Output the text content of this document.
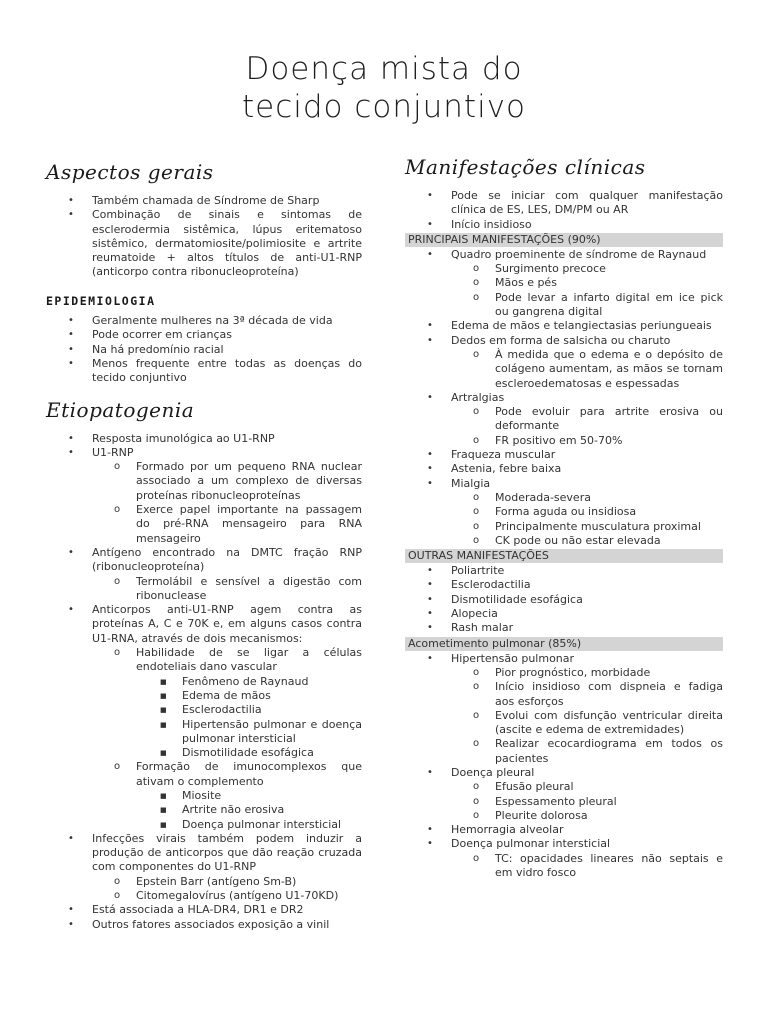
Doença mista do
tecido conjuntivo
Aspectos gerais
• Também chamada de Síndrome de Sharp
• Combinação de sinais e sintomas de esclerodermia sistêmica, lúpus eritematoso sistêmico, dermatomiosite/polimiosite e artrite reumatoide + altos títulos de anti-U1-RNP (anticorpo contra ribonucleoproteína)
EPIDEMIOLOGIA
• Geralmente mulheres na 3ª década de vida
• Pode ocorrer em crianças
• Na há predomínio racial
• Menos frequente entre todas as doenças do tecido conjuntivo
Etiopatogenia
• Resposta imunológica ao U1-RNP
• U1-RNP
o Formado por um pequeno RNA nuclear associado a um complexo de diversas proteínas ribonucleoproteínas
o Exerce papel importante na passagem do pré-RNA mensageiro para RNA mensageiro
• Antígeno encontrado na DMTC fração RNP (ribonucleoproteína)
o Termolábil e sensível a digestão com ribonuclease
• Anticorpos anti-U1-RNP agem contra as proteínas A, C e 70K e, em alguns casos contra U1-RNA, através de dois mecanismos:
o Habilidade de se ligar a células endoteliais dano vascular
■ Fenômeno de Raynaud
■ Edema de mãos
■ Esclerodactilia
■ Hipertensão pulmonar e doença pulmonar intersticial
■ Dismotilidade esofágica
o Formação de imunocomplexos que ativam o complemento
■ Miosite
■ Artrite não erosiva
■ Doença pulmonar intersticial
• Infecções virais também podem induzir a produção de anticorpos que dão reação cruzada com componentes do U1-RNP
o Epstein Barr (antígeno Sm-B)
o Citomegalovírus (antígeno U1-70KD)
• Está associada a HLA-DR4, DR1 e DR2
• Outros fatores associados exposição a vinil
Manifestações clínicas
• Pode se iniciar com qualquer manifestação clínica de ES, LES, DM/PM ou AR
• Início insidioso
PRINCIPAIS MANIFESTAÇÕES (90%)
• Quadro proeminente de síndrome de Raynaud
o Surgimento precoce
o Mãos e pés
o Pode levar a infarto digital em ice pick ou gangrena digital
• Edema de mãos e telangiectasias periungueais
• Dedos em forma de salsicha ou charuto
o À medida que o edema e o depósito de colágeno aumentam, as mãos se tornam escleroedematosas e espessadas
• Artralgias
o Pode evoluir para artrite erosiva ou deformante
o FR positivo em 50-70%
• Fraqueza muscular
• Astenia, febre baixa
• Mialgia
o Moderada-severa
o Forma aguda ou insidiosa
o Principalmente musculatura proximal
o CK pode ou não estar elevada
OUTRAS MANIFESTAÇÕES
• Poliartrite
• Esclerodactilia
• Dismotilidade esofágica
• Alopecia
• Rash malar
Acometimento pulmonar (85%)
• Hipertensão pulmonar
o Pior prognóstico, morbidade
o Início insidioso com dispneia e fadiga aos esforços
o Evolui com disfunção ventricular direita (ascite e edema de extremidades)
o Realizar ecocardiograma em todos os pacientes
• Doença pleural
o Efusão pleural
o Espessamento pleural
o Pleurite dolorosa
• Hemorragia alveolar
• Doença pulmonar intersticial
o TC: opacidades lineares não septais e em vidro fosco
